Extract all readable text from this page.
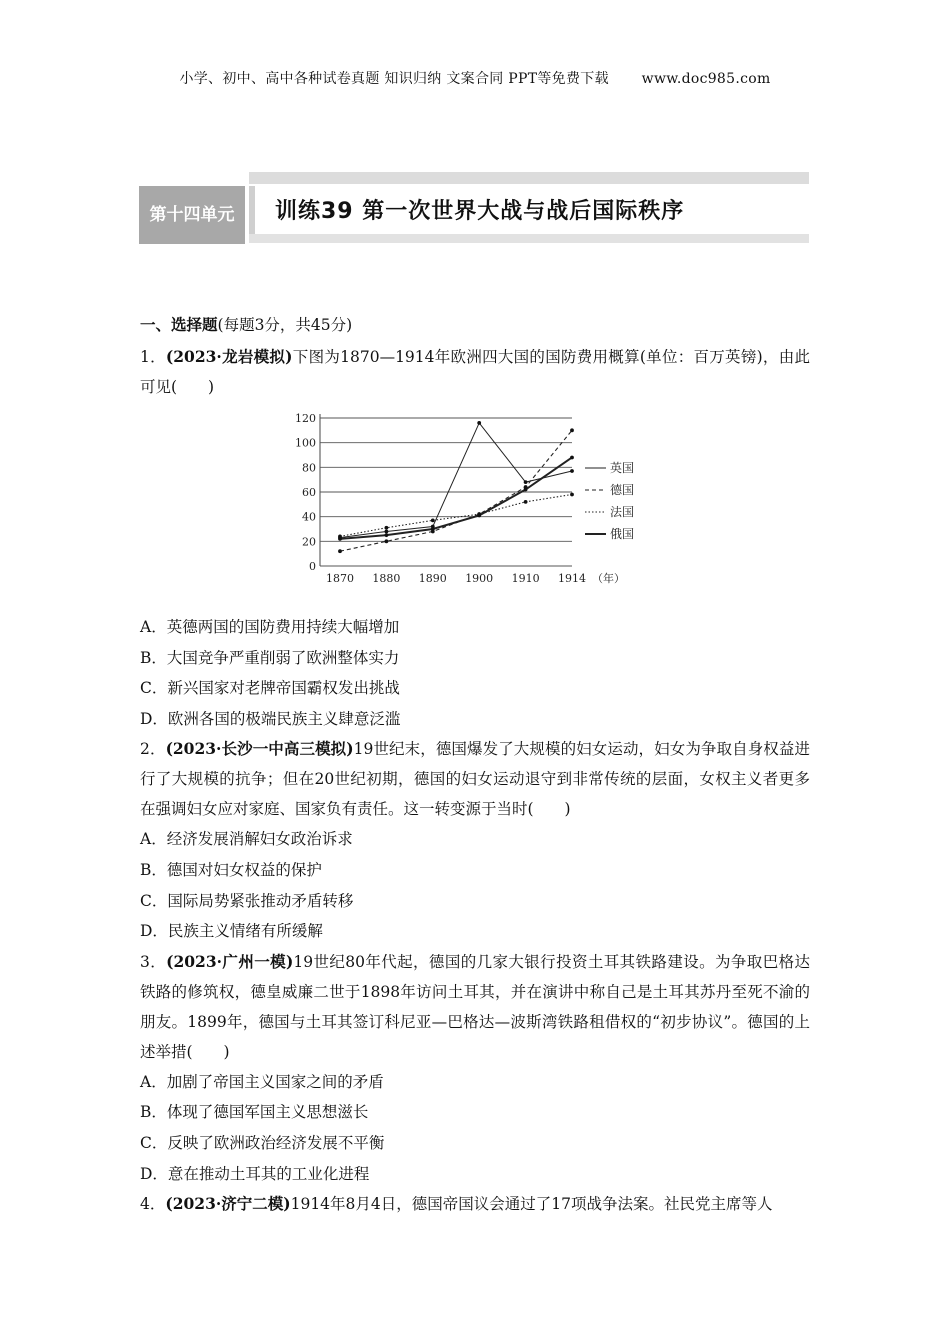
小学、初中、高中各种试卷真题 知识归纳 文案合同 PPT等免费下载 www.doc985.com
第十四单元	训练39 第一次世界大战与战后国际秩序
一、选择题(每题3分，共45分)

1．(2023·龙岩模拟)下图为1870—1914年欧洲四大国的国防费用概算(单位：百万英镑)，由此可见(　　)

0
20
40
60
80
100
120
1870 1880 1890 1900 1910 1914 （年）
英国
德国
法国
俄国

A．英德两国的国防费用持续大幅增加

B．大国竞争严重削弱了欧洲整体实力

C．新兴国家对老牌帝国霸权发出挑战

D．欧洲各国的极端民族主义肆意泛滥

2．(2023·长沙一中高三模拟)19世纪末，德国爆发了大规模的妇女运动，妇女为争取自身权益进行了大规模的抗争；但在20世纪初期，德国的妇女运动退守到非常传统的层面，女权主义者更多在强调妇女应对家庭、国家负有责任。这一转变源于当时(　　)

A．经济发展消解妇女政治诉求

B．德国对妇女权益的保护

C．国际局势紧张推动矛盾转移

D．民族主义情绪有所缓解

3．(2023·广州一模)19世纪80年代起，德国的几家大银行投资土耳其铁路建设。为争取巴格达铁路的修筑权，德皇威廉二世于1898年访问土耳其，并在演讲中称自己是土耳其苏丹至死不渝的朋友。1899年，德国与土耳其签订科尼亚—巴格达—波斯湾铁路租借权的“初步协议”。德国的上述举措(　　)

A．加剧了帝国主义国家之间的矛盾

B．体现了德国军国主义思想滋长

C．反映了欧洲政治经济发展不平衡

D．意在推动土耳其的工业化进程

4．(2023·济宁二模)1914年8月4日，德国帝国议会通过了17项战争法案。社民党主席等人
